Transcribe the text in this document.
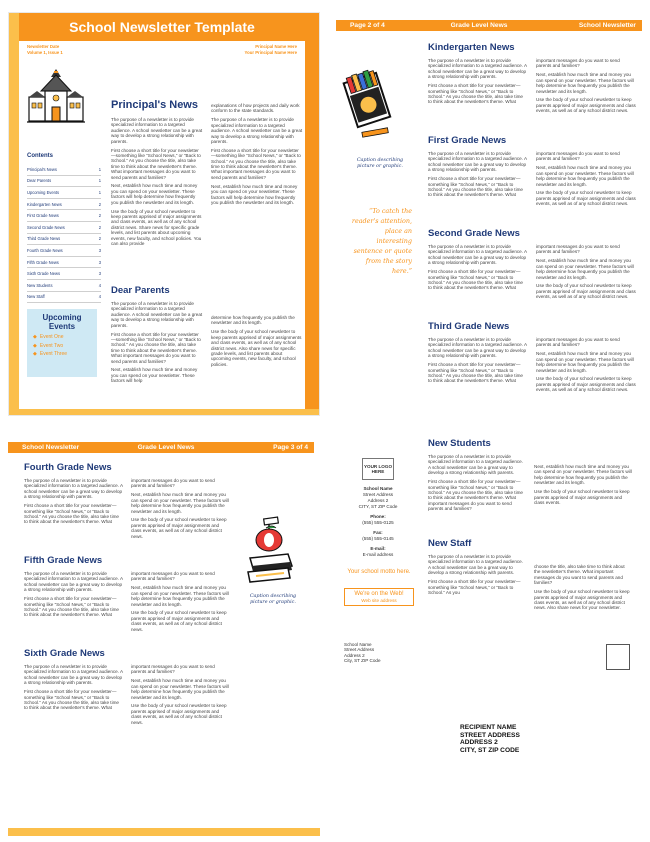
School Newsletter Template
Newsletter Date
Volume 1, Issue 1
Principal Name Here
Your Principal Name Here
Contents
Principal's News	1
Dear Parents	1
Upcoming Events	1
Kindergarten News	2
First Grade News	2
Second Grade News	2
Third Grade News	2
Fourth Grade News	3
Fifth Grade News	3
Sixth Grade News	3
New Students	4
New Staff	4
Upcoming Events
◆ Event One
◆ Event Two
◆ Event Three
Principal's News

The purpose of a newsletter is to provide specialized information to a targeted audience. A school newsletter can be a great way to develop a strong relationship with parents.

First choose a short title for your newsletter—something like “School News,” or “Back to School.” As you choose the title, also take time to think about the newsletter's theme. What important messages do you want to send parents and families?

Next, establish how much time and money you can spend on your newsletter. These factors will help determine how frequently you publish the newsletter and its length.

Use the body of your school newsletter to keep parents apprised of major assignments and class events, as well as of any school district news. Share news for specific grade levels, and list parents about upcoming events, new faculty, and school policies. You can also provide

explanations of how projects and daily work conform to the state standards.

The purpose of a newsletter is to provide specialized information to a targeted audience. A school newsletter can be a great way to develop a strong relationship with parents.

First choose a short title for your newsletter—something like “School News,” or “Back to School.” As you choose the title, also take time to think about the newsletter's theme. What important messages do you want to send parents and families?

Next, establish how much time and money you can spend on your newsletter. These factors will help determine how frequently you publish the newsletter and its length.

Dear Parents

The purpose of a newsletter is to provide specialized information to a targeted audience. A school newsletter can be a great way to develop a strong relationship with parents.

First choose a short title for your newsletter—something like “School News,” or “Back to School.” As you choose the title, also take time to think about the newsletter's theme. What important messages do you want to send parents and families?

Next, establish how much time and money you can spend on your newsletter. These factors will help

determine how frequently you publish the newsletter and its length.

Use the body of your school newsletter to keep parents apprised of major assignments and class events, as well as of any school district news. Also share news for specific grade levels, and list parents about upcoming events, new faculty, and school policies.

Page 2 of 4	Grade Level News	School Newsletter
Caption describing picture or graphic.
“To catch the reader's attention, place an interesting sentence or quote from the story here.”
Kindergarten News

The purpose of a newsletter is to provide specialized information to a targeted audience. A school newsletter can be a great way to develop a strong relationship with parents.

First choose a short title for your newsletter—something like “School News,” or “Back to School.” As you choose the title, also take time to think about the newsletter's theme. What

important messages do you want to send parents and families?

Next, establish how much time and money you can spend on your newsletter. These factors will help determine how frequently you publish the newsletter and its length.

Use the body of your school newsletter to keep parents apprised of major assignments and class events, as well as of any school district news.

First Grade News

The purpose of a newsletter is to provide specialized information to a targeted audience. A school newsletter can be a great way to develop a strong relationship with parents.

First choose a short title for your newsletter—something like “School News,” or “Back to School.” As you choose the title, also take time to think about the newsletter's theme. What

important messages do you want to send parents and families?

Next, establish how much time and money you can spend on your newsletter. These factors will help determine how frequently you publish the newsletter and its length.

Use the body of your school newsletter to keep parents apprised of major assignments and class events, as well as of any school district news.

Second Grade News

The purpose of a newsletter is to provide specialized information to a targeted audience. A school newsletter can be a great way to develop a strong relationship with parents.

First choose a short title for your newsletter—something like “School News,” or “Back to School.” As you choose the title, also take time to think about the newsletter's theme. What

important messages do you want to send parents and families?

Next, establish how much time and money you can spend on your newsletter. These factors will help determine how frequently you publish the newsletter and its length.

Use the body of your school newsletter to keep parents apprised of major assignments and class events, as well as of any school district news.

Third Grade News

The purpose of a newsletter is to provide specialized information to a targeted audience. A school newsletter can be a great way to develop a strong relationship with parents.

First choose a short title for your newsletter—something like “School News,” or “Back to School.” As you choose the title, also take time to think about the newsletter's theme. What

important messages do you want to send parents and families?

Next, establish how much time and money you can spend on your newsletter. These factors will help determine how frequently you publish the newsletter and its length.

Use the body of your school newsletter to keep parents apprised of major assignments and class events, as well as of any school district news.

School Newsletter	Grade Level News	Page 3 of 4
Fourth Grade News

The purpose of a newsletter is to provide specialized information to a targeted audience. A school newsletter can be a great way to develop a strong relationship with parents.

First choose a short title for your newsletter—something like “School News,” or “Back to School.” As you choose the title, also take time to think about the newsletter's theme. What

important messages do you want to send parents and families?

Next, establish how much time and money you can spend on your newsletter. These factors will help determine how frequently you publish the newsletter and its length.

Use the body of your school newsletter to keep parents apprised of major assignments and class events, as well as of any school district news.

Fifth Grade News

The purpose of a newsletter is to provide specialized information to a targeted audience. A school newsletter can be a great way to develop a strong relationship with parents.

First choose a short title for your newsletter—something like “School News,” or “Back to School.” As you choose the title, also take time to think about the newsletter's theme. What

important messages do you want to send parents and families?

Next, establish how much time and money you can spend on your newsletter. These factors will help determine how frequently you publish the newsletter and its length.

Use the body of your school newsletter to keep parents apprised of major assignments and class events, as well as of any school district news.

Sixth Grade News

The purpose of a newsletter is to provide specialized information to a targeted audience. A school newsletter can be a great way to develop a strong relationship with parents.

First choose a short title for your newsletter—something like “School News,” or “Back to School.” As you choose the title, also take time to think about the newsletter's theme. What

important messages do you want to send parents and families?

Next, establish how much time and money you can spend on your newsletter. These factors will help determine how frequently you publish the newsletter and its length.

Use the body of your school newsletter to keep parents apprised of major assignments and class events, as well as of any school district news.

Caption describing picture or graphic.
YOUR LOGO HERE
School Name
Street Address
Address 2
CITY, ST ZIP Code
Phone:
(555) 555-0125
Fax:
(555) 555-0145
E-mail:
E-mail address
Your school motto here.
We're on the Web!
Web site address
New Students

The purpose of a newsletter is to provide specialized information to a targeted audience. A school newsletter can be a great way to develop a strong relationship with parents.

First choose a short title for your newsletter—something like “School News,” or “Back to School.” As you choose the title, also take time to think about the newsletter's theme. What important messages do you want to send parents and families?

Next, establish how much time and money you can spend on your newsletter. These factors will help determine how frequently you publish the newsletter and its length.

Use the body of your school newsletter to keep parents apprised of major assignments and class events.

New Staff

The purpose of a newsletter is to provide specialized information to a targeted audience. A school newsletter can be a great way to develop a strong relationship with parents.

First choose a short title for your newsletter—something like “School News,” or “Back to School.” As you

choose the title, also take time to think about the newsletter's theme. What important messages do you want to send parents and families?

Use the body of your school newsletter to keep parents apprised of major assignments and class events, as well as of any school district news. Also share news for your newsletter.

School Name
Street Address
Address 2
City, ST ZIP Code
RECIPIENT NAME
STREET ADDRESS
ADDRESS 2
CITY, ST ZIP CODE
